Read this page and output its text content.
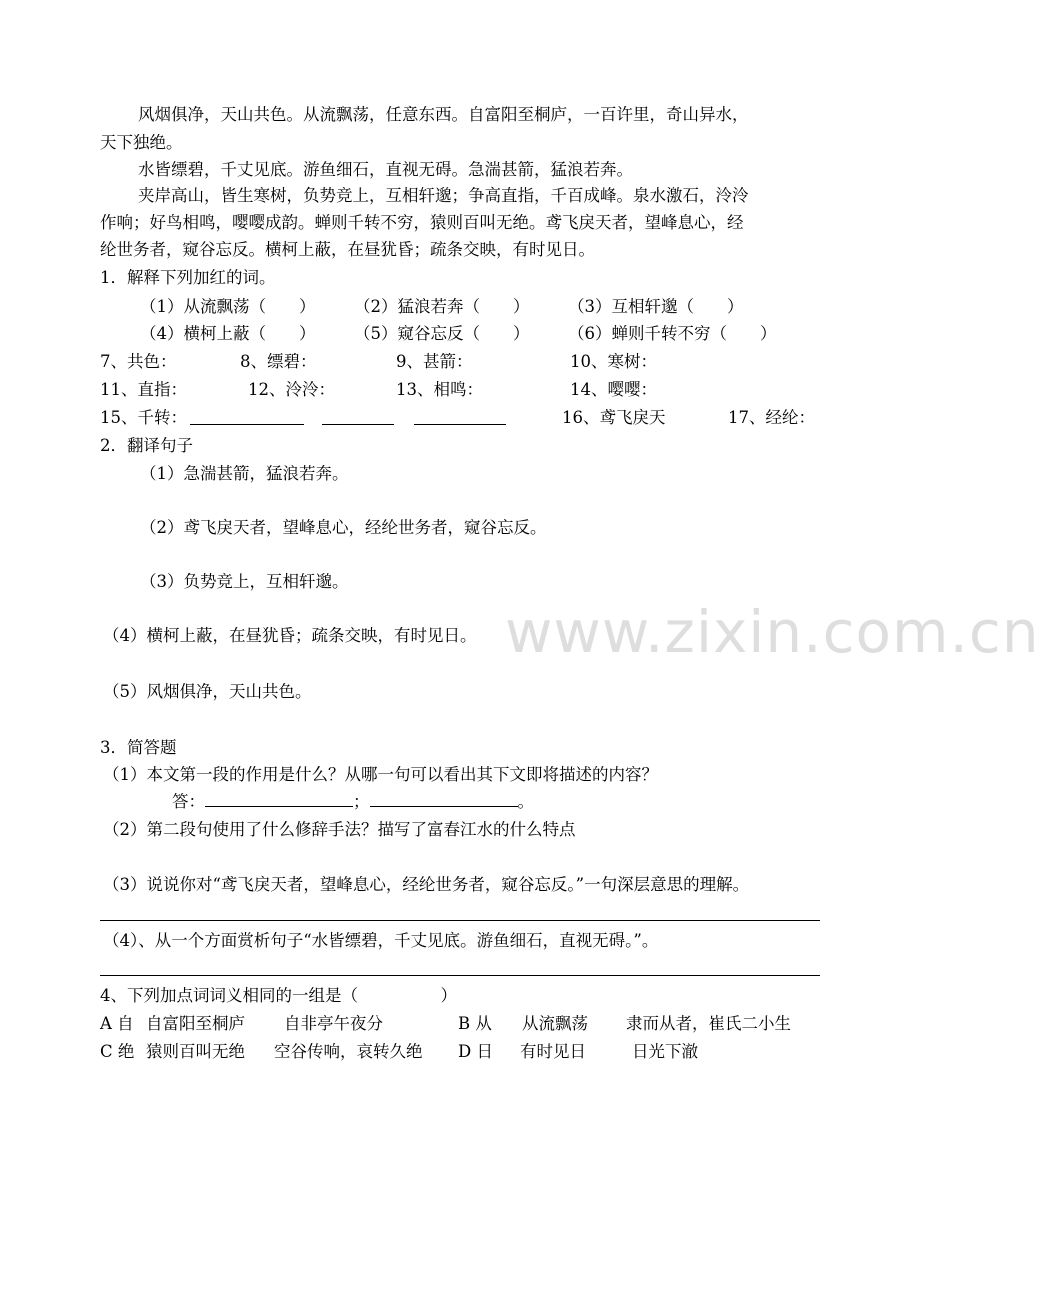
风烟俱净，天山共色。从流飘荡，任意东西。自富阳至桐庐，一百许里，奇山异水，
天下独绝。
水皆缥碧，千丈见底。游鱼细石，直视无碍。急湍甚箭，猛浪若奔。
夹岸高山，皆生寒树，负势竞上，互相轩邈；争高直指，千百成峰。泉水激石，泠泠
作响；好鸟相鸣，嘤嘤成韵。蝉则千转不穷，猿则百叫无绝。鸢飞戾天者，望峰息心，经
纶世务者，窥谷忘反。横柯上蔽，在昼犹昏；疏条交映，有时见日。
1．解释下列加红的词。
（1）从流飘荡（　　） （2）猛浪若奔（　　） （3）互相轩邈（　　）
（4）横柯上蔽（　　） （5）窥谷忘反（　　） （6）蝉则千转不穷（　　）
7、共色：	8、缥碧：	9、甚箭：	10、寒树：
11、直指：	12、泠泠：	13、相鸣：	14、嘤嘤：
15、千转：	16、鸢飞戾天	17、经纶：
2．翻译句子
（1）急湍甚箭，猛浪若奔。
（2）鸢飞戾天者，望峰息心，经纶世务者，窥谷忘反。
（3）负势竞上，互相轩邈。
（4）横柯上蔽，在昼犹昏；疏条交映，有时见日。
（5）风烟俱净，天山共色。
3．简答题
（1）本文第一段的作用是什么？从哪一句可以看出其下文即将描述的内容？
答：	；	。
（2）第二段句使用了什么修辞手法？描写了富春江水的什么特点
（3）说说你对“鸢飞戾天者，望峰息心，经纶世务者，窥谷忘反。”一句深层意思的理解。
（4）、从一个方面赏析句子“水皆缥碧，千丈见底。游鱼细石，直视无碍。”。
4、下列加点词词义相同的一组是（　　　　　）
A 自 自富阳至桐庐 自非亭午夜分	B 从 从流飘荡 隶而从者，崔氏二小生
C 绝 猿则百叫无绝 空谷传响，哀转久绝 D 日 有时见日	日光下澈
www.zixin.com.cn
